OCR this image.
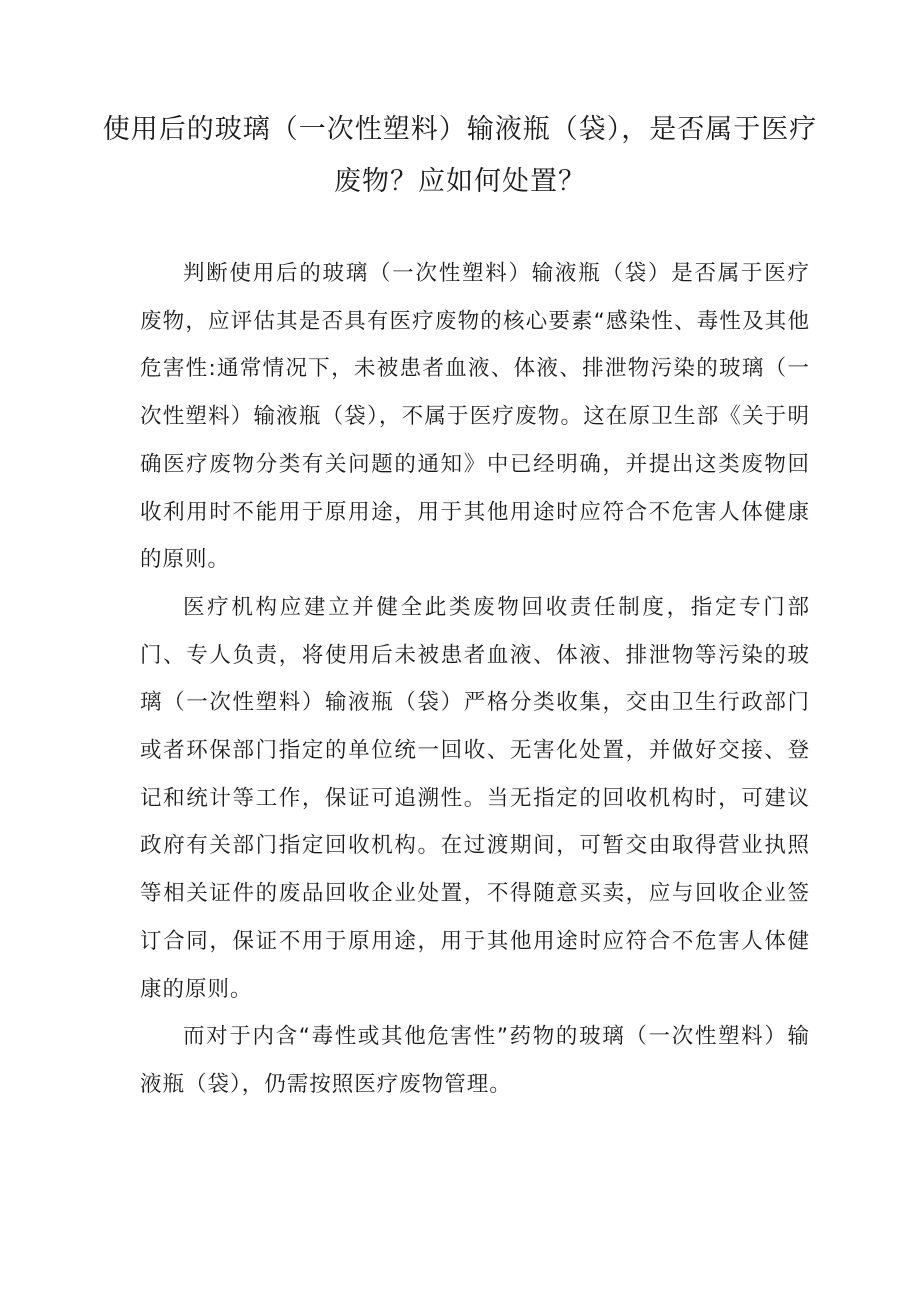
使用后的玻璃（一次性塑料）输液瓶（袋），是否属于医疗废物？应如何处置？

判断使用后的玻璃（一次性塑料）输液瓶（袋）是否属于医疗废物，应评估其是否具有医疗废物的核心要素“感染性、毒性及其他危害性:通常情况下，未被患者血液、体液、排泄物污染的玻璃（一次性塑料）输液瓶（袋），不属于医疗废物。这在原卫生部《关于明确医疗废物分类有关问题的通知》中已经明确，并提出这类废物回收利用时不能用于原用途，用于其他用途时应符合不危害人体健康的原则。

医疗机构应建立并健全此类废物回收责任制度，指定专门部门、专人负责，将使用后未被患者血液、体液、排泄物等污染的玻璃（一次性塑料）输液瓶（袋）严格分类收集，交由卫生行政部门或者环保部门指定的单位统一回收、无害化处置，并做好交接、登记和统计等工作，保证可追溯性。当无指定的回收机构时，可建议政府有关部门指定回收机构。在过渡期间，可暂交由取得营业执照等相关证件的废品回收企业处置，不得随意买卖，应与回收企业签订合同，保证不用于原用途，用于其他用途时应符合不危害人体健康的原则。

而对于内含“毒性或其他危害性”药物的玻璃（一次性塑料）输液瓶（袋），仍需按照医疗废物管理。
